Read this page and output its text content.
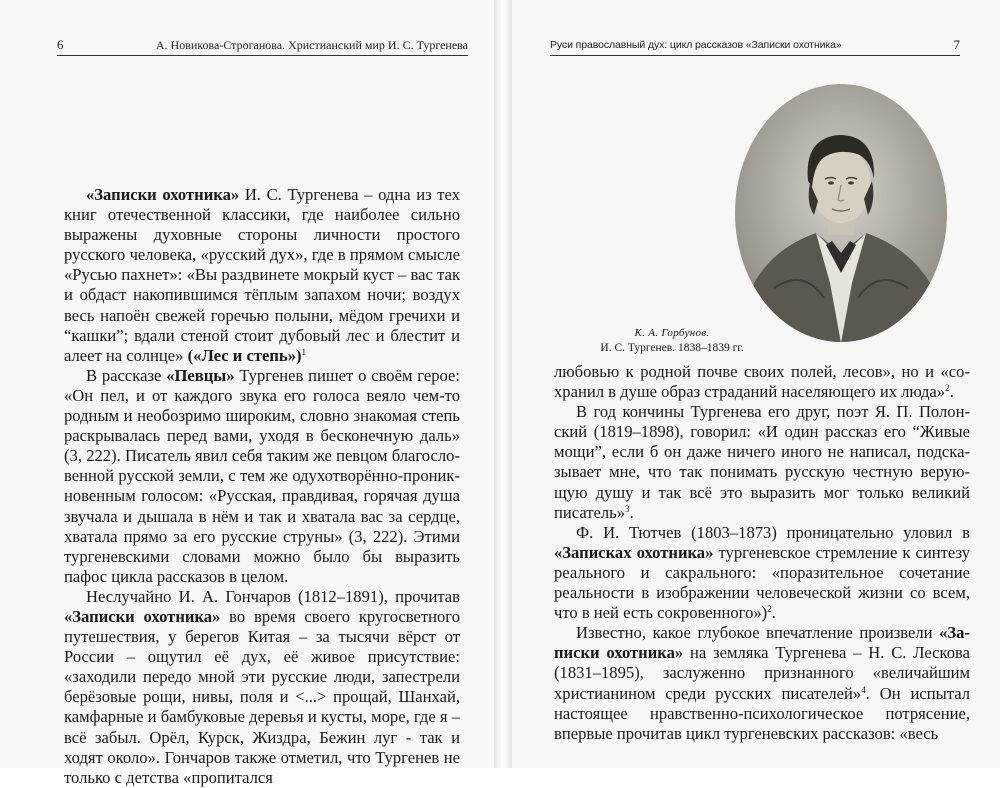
6	А. Новикова-Строганова. Христианский мир И. С. Тургенева

«Записки охотника» И. С. Тургенева – одна из тех книг отечественной классики, где наиболее сильно выражены духовные стороны личности простого русского человека, «русский дух», где в прямом смысле «Русью пахнет»: «Вы раздвинете мокрый куст – вас так и обдаст накопившимся тёплым запахом ночи; воздух весь напоён свежей горечью полыни, мёдом гречихи и “кашки”; вдали стеной стоит дубовый лес и блестит и алеет на солнце» («Лес и степь»)$^1$

В рассказе «Певцы» Тургенев пишет о своём герое: «Он пел, и от каждого звука его голоса веяло чем-то родным и необозримо широким, словно знакомая степь раскрывалась перед вами, уходя в бесконечную даль» (3, 222). Писатель явил себя таким же певцом благословенной русской земли, с тем же одухотворённо-проникновенным голосом: «Русская, правдивая, горячая душа звучала и дышала в нём и так и хватала вас за сердце, хватала прямо за его русские струны» (3, 222). Этими тургеневскими словами можно было бы выразить пафос цикла рассказов в целом.

Неслучайно И. А. Гончаров (1812–1891), прочитав «Записки охотника» во время своего кругосветного путешествия, у берегов Китая – за тысячи вёрст от России – ощутил её дух, её живое присутствие: «заходили передо мной эти русские люди, запестрели берёзовые рощи, нивы, поля и <...> прощай, Шанхай, камфарные и бамбуковые деревья и кусты, море, где я – всё забыл. Орёл, Курск, Жиздра, Бежин луг - так и ходят около». Гончаров также отметил, что Тургенев не только с детства «пропитался

Руси православный дух: цикл рассказов «Записки охотника»	7
К. А. Горбунов.
И. С. Тургенев. 1838–1839 гг.

любовью к родной почве своих полей, лесов», но и «сохранил в душе образ страданий населяющего их люда»$^2$.

В год кончины Тургенева его друг, поэт Я. П. Полонский (1819–1898), говорил: «И один рассказ его “Живые мощи”, если б он даже ничего иного не написал, подсказывает мне, что так понимать русскую честную верующую душу и так всё это выразить мог только великий писатель»$^3$.

Ф. И. Тютчев (1803–1873) проницательно уловил в «Записках охотника» тургеневское стремление к синтезу реального и сакрального: «поразительное сочетание реальности в изображении человеческой жизни со всем, что в ней есть сокровенного»)$^2$.

Известно, какое глубокое впечатление произвели «Записки охотника» на земляка Тургенева – Н. С. Лескова (1831–1895), заслуженно признанного «величайшим христианином среди русских писателей»$^4$. Он испытал настоящее нравственно-психологическое потрясение, впервые прочитав цикл тургеневских рассказов: «весь
